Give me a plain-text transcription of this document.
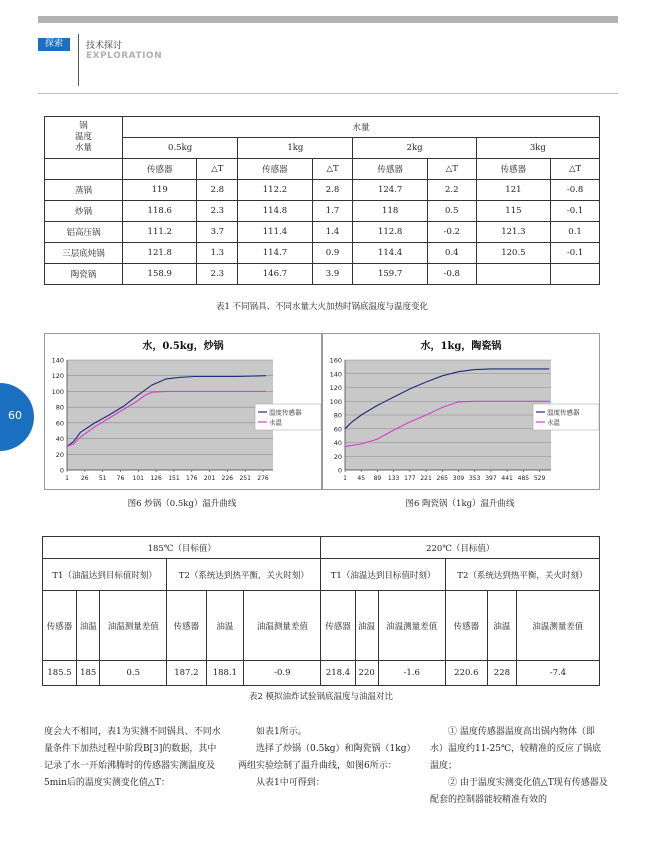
探索	技术探讨
EXPLORATION
60
锅
温度
水量	水量							
	0.5kg		1kg		2kg		3kg	
	传感器	△T	传感器	△T	传感器	△T	传感器	△T
蒸锅	119	2.8	112.2	2.8	124.7	2.2	121	-0.8
炒锅	118.6	2.3	114.8	1.7	118	0.5	115	-0.1
铝高压锅	111.2	3.7	111.4	1.4	112.8	-0.2	121.3	0.1
三层底炖锅	121.8	1.3	114.7	0.9	114.4	0.4	120.5	-0.1
陶瓷锅	158.9	2.3	146.7	3.9	159.7	-0.8		
表1 不同锅具、不同水量大火加热时锅底温度与温度变化
水，0.5kg，炒锅
0
20
40
60
80
100
120
140
1 26 51 76 101 126 151 176 201 226 251 276
温度传感器
水温
图6 炒锅（0.5kg）温升曲线
水，1kg，陶瓷锅
0
20
40
60
80
100
120
140
160
1 45 89 133 177 221 265 309 353 397 441 485 529
温度传感器
水温
图6 陶瓷锅（1kg）温升曲线
185℃（目标值）						220℃（目标值）					
T1（油温达到目标值时刻）			T2（系统达到热平衡，关火时刻）			T1（油温达到目标值时刻）			T2（系统达到热平衡，关火时刻）		
传感器	油温	油温测量差值	传感器	油温	油温测量差值	传感器	油温	油温测量差值	传感器	油温	油温测量差值
185.5	185	0.5	187.2	188.1	-0.9	218.4	220	-1.6	220.6	228	-7.4
表2 模拟油炸试验锅底温度与油温对比

度会大不相同，表1为实测不同锅具、不同水量条件下加热过程中阶段B[3]的数据，其中记录了水一开始沸腾时的传感器实测温度及5min后的温度实测变化值△T：

如表1所示。

选择了炒锅（0.5kg）和陶瓷锅（1kg）两组实验绘制了温升曲线，如图6所示：

从表1中可得到：

① 温度传感器温度高出锅内物体（即水）温度约11-25℃，较精准的反应了锅底温度；

② 由于温度实测变化值△T现有传感器及配套的控制器能较精准有效的
